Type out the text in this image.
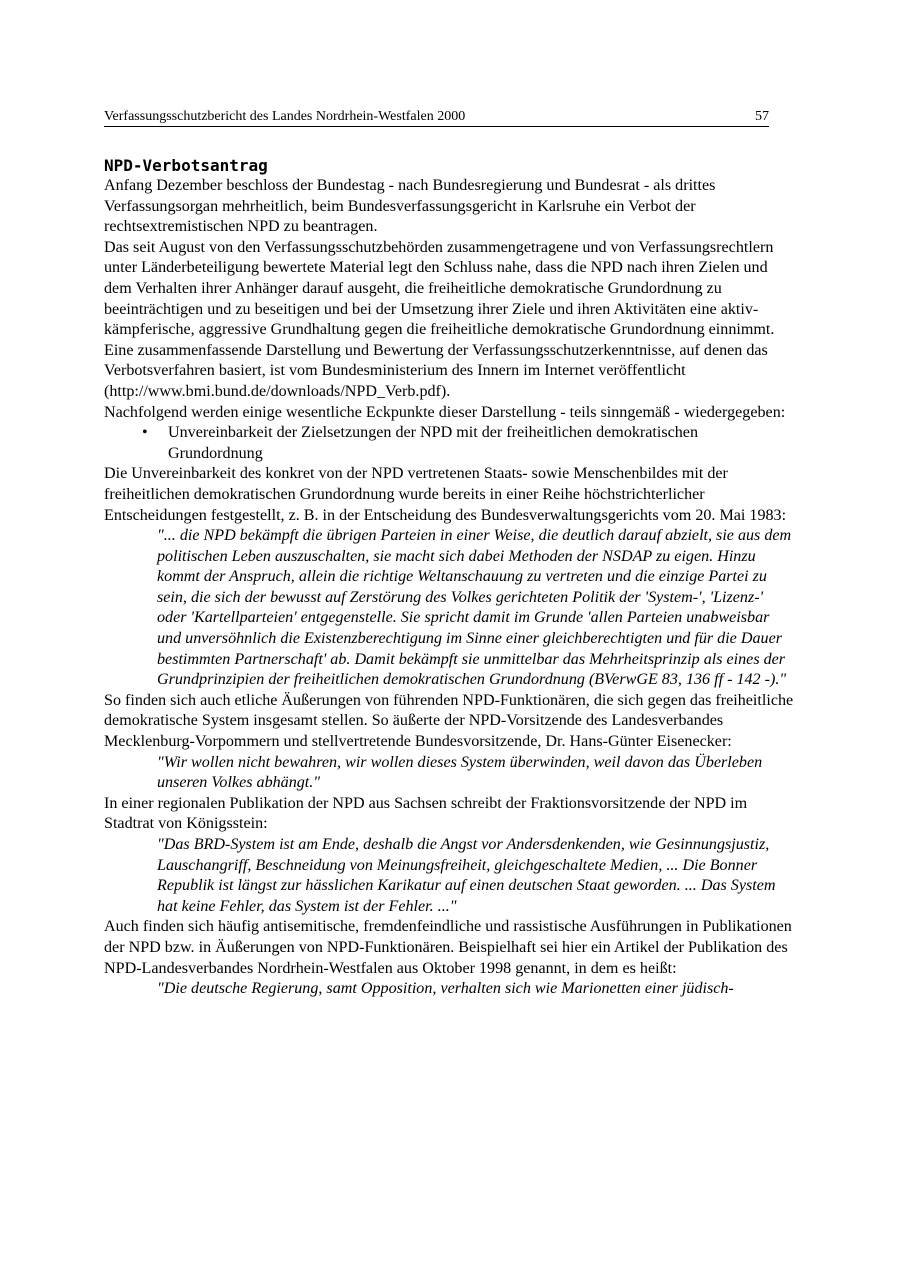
Verfassungsschutzbericht des Landes Nordrhein-Westfalen 2000	57
NPD-Verbotsantrag

Anfang Dezember beschloss der Bundestag - nach Bundesregierung und Bundesrat - als drittes Verfassungsorgan mehrheitlich, beim Bundesverfassungsgericht in Karlsruhe ein Verbot der rechtsextremistischen NPD zu beantragen.

Das seit August von den Verfassungsschutzbehörden zusammengetragene und von Verfassungsrechtlern unter Länderbeteiligung bewertete Material legt den Schluss nahe, dass die NPD nach ihren Zielen und dem Verhalten ihrer Anhänger darauf ausgeht, die freiheitliche demokratische Grundordnung zu beeinträchtigen und zu beseitigen und bei der Umsetzung ihrer Ziele und ihren Aktivitäten eine aktiv-kämpferische, aggressive Grundhaltung gegen die freiheitliche demokratische Grundordnung einnimmt.

Eine zusammenfassende Darstellung und Bewertung der Verfassungsschutzerkenntnisse, auf denen das Verbotsverfahren basiert, ist vom Bundesministerium des Innern im Internet veröffentlicht (http://www.bmi.bund.de/downloads/NPD_Verb.pdf).

Nachfolgend werden einige wesentliche Eckpunkte dieser Darstellung - teils sinngemäß - wiedergegeben:

• Unvereinbarkeit der Zielsetzungen der NPD mit der freiheitlichen demokratischen Grundordnung

Die Unvereinbarkeit des konkret von der NPD vertretenen Staats- sowie Menschenbildes mit der freiheitlichen demokratischen Grundordnung wurde bereits in einer Reihe höchstrichterlicher Entscheidungen festgestellt, z. B. in der Entscheidung des Bundesverwaltungsgerichts vom 20. Mai 1983:

"... die NPD bekämpft die übrigen Parteien in einer Weise, die deutlich darauf abzielt, sie aus dem politischen Leben auszuschalten, sie macht sich dabei Methoden der NSDAP zu eigen. Hinzu kommt der Anspruch, allein die richtige Weltanschauung zu vertreten und die einzige Partei zu sein, die sich der bewusst auf Zerstörung des Volkes gerichteten Politik der 'System-', 'Lizenz-' oder 'Kartellparteien' entgegenstelle. Sie spricht damit im Grunde 'allen Parteien unabweisbar und unversöhnlich die Existenzberechtigung im Sinne einer gleichberechtigten und für die Dauer bestimmten Partnerschaft' ab. Damit bekämpft sie unmittelbar das Mehrheitsprinzip als eines der Grundprinzipien der freiheitlichen demokratischen Grundordnung (BVerwGE 83, 136 ff - 142 -)."

So finden sich auch etliche Äußerungen von führenden NPD-Funktionären, die sich gegen das freiheitliche demokratische System insgesamt stellen. So äußerte der NPD-Vorsitzende des Landesverbandes Mecklenburg-Vorpommern und stellvertretende Bundesvorsitzende, Dr. Hans-Günter Eisenecker:

"Wir wollen nicht bewahren, wir wollen dieses System überwinden, weil davon das Überleben unseren Volkes abhängt."

In einer regionalen Publikation der NPD aus Sachsen schreibt der Fraktionsvorsitzende der NPD im Stadtrat von Königsstein:

"Das BRD-System ist am Ende, deshalb die Angst vor Andersdenkenden, wie Gesinnungsjustiz, Lauschangriff, Beschneidung von Meinungsfreiheit, gleichgeschaltete Medien, ... Die Bonner Republik ist längst zur hässlichen Karikatur auf einen deutschen Staat geworden. ... Das System hat keine Fehler, das System ist der Fehler. ..."

Auch finden sich häufig antisemitische, fremdenfeindliche und rassistische Ausführungen in Publikationen der NPD bzw. in Äußerungen von NPD-Funktionären. Beispielhaft sei hier ein Artikel der Publikation des NPD-Landesverbandes Nordrhein-Westfalen aus Oktober 1998 genannt, in dem es heißt:

"Die deutsche Regierung, samt Opposition, verhalten sich wie Marionetten einer jüdisch-
